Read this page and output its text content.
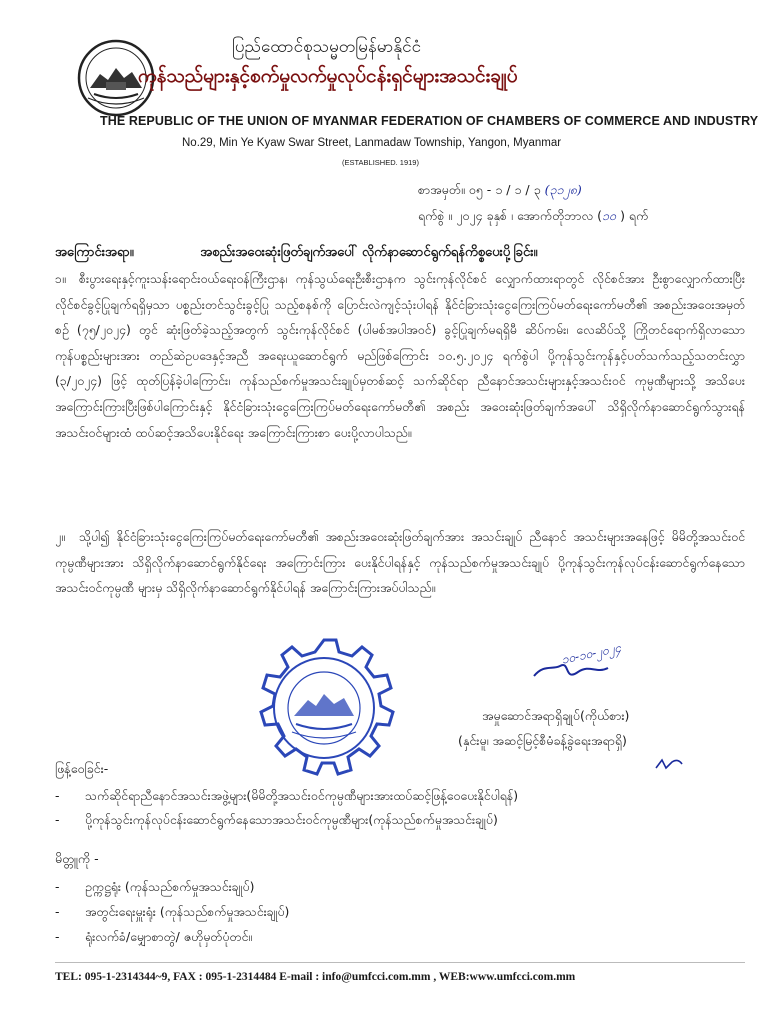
ပြည်ထောင်စုသမ္မတမြန်မာနိုင်ငံ
ကုန်သည်များနှင့်စက်မှုလက်မှုလုပ်ငန်းရှင်များအသင်းချုပ်
THE REPUBLIC OF THE UNION OF MYANMAR FEDERATION OF CHAMBERS OF COMMERCE AND INDUSTRY
No.29, Min Ye Kyaw Swar Street, Lanmadaw Township, Yangon, Myanmar
(ESTABLISHED. 1919)
စာအမှတ်။ ဝ၅ - ၁ / ၁ / ၃ (၃၁၂၈)
ရက်စွဲ ။ ၂၀၂၄ ခုနှစ် ၊ အောက်တိုဘာလ (၁၀ ) ရက်
အကြောင်းအရာ။	အစည်းအဝေးဆုံးဖြတ်ချက်အပေါ် လိုက်နာဆောင်ရွက်ရန်ကိစ္စပေးပို့ခြင်း။
၁။ စီးပွားရေးနှင့်ကူးသန်းရောင်းဝယ်ရေးဝန်ကြီးဌာန၊ ကုန်သွယ်ရေးဦးစီးဌာနက သွင်းကုန်လိုင်စင် လျှောက်ထားရာတွင် လိုင်စင်အား ဦးစွာလျှောက်ထားပြီး လိုင်စင်ခွင့်ပြုချက်ရရှိမှသာ ပစ္စည်းတင်သွင်းခွင့်ပြု သည့်စနစ်ကို ပြောင်းလဲကျင့်သုံးပါရန် နိုင်ငံခြားသုံးငွေကြေးကြပ်မတ်ရေးကော်မတီ၏ အစည်းအဝေးအမှတ်စဉ် (၇၅/၂၀၂၄) တွင် ဆုံးဖြတ်ခဲ့သည့်အတွက် သွင်းကုန်လိုင်စင် (ပါမစ်အပါအဝင်) ခွင့်ပြုချက်မရရှိမီ ဆိပ်ကမ်း၊ လေဆိပ်သို့ ကြိုတင်ရောက်ရှိလာသော ကုန်ပစ္စည်းများအား တည်ဆဲဥပဒေနှင့်အညီ အရေးယူဆောင်ရွက် မည်ဖြစ်ကြောင်း ၁၀.၅.၂၀၂၄ ရက်စွဲပါ ပို့ကုန်သွင်းကုန်နှင့်ပတ်သက်သည့်သတင်းလွှာ (၃/၂၀၂၄) ဖြင့် ထုတ်ပြန်ခဲ့ပါကြောင်း၊ ကုန်သည်စက်မှုအသင်းချုပ်မှတစ်ဆင့် သက်ဆိုင်ရာ ညီနောင်အသင်းများနှင့်အသင်းဝင် ကုမ္ပဏီများသို့ အသိပေးအကြောင်းကြားပြီးဖြစ်ပါကြောင်းနှင့် နိုင်ငံခြားသုံးငွေကြေးကြပ်မတ်ရေးကော်မတီ၏ အစည်း အဝေးဆုံးဖြတ်ချက်အပေါ် သိရှိလိုက်နာဆောင်ရွက်သွားရန် အသင်းဝင်များထံ ထပ်ဆင့်အသိပေးနိုင်ရေး အကြောင်းကြားစာ ပေးပို့လာပါသည်။
၂။ သို့ပါ၍ နိုင်ငံခြားသုံးငွေကြေးကြပ်မတ်ရေးကော်မတီ၏ အစည်းအဝေးဆုံးဖြတ်ချက်အား အသင်းချုပ် ညီနောင် အသင်းများအနေဖြင့် မိမိတို့အသင်းဝင်ကုမ္ပဏီများအား သိရှိလိုက်နာဆောင်ရွက်နိုင်ရေး အကြောင်းကြား ပေးနိုင်ပါရန်နှင့် ကုန်သည်စက်မှုအသင်းချုပ် ပို့ကုန်သွင်းကုန်လုပ်ငန်းဆောင်ရွက်နေသော အသင်းဝင်ကုမ္ပဏီ များမှ သိရှိလိုက်နာဆောင်ရွက်နိုင်ပါရန် အကြောင်းကြားအပ်ပါသည်။
၁၀-၁၀-၂၀၂၄
အမှုဆောင်အရာရှိချုပ်(ကိုယ်စား)
(နှင်းမူ၊ အဆင့်မြင့်စီမံခန့်ခွဲရေးအရာရှိ)
ဖြန့်ဝေခြင်း-
- သက်ဆိုင်ရာညီနောင်အသင်းအဖွဲ့များ(မိမိတို့အသင်းဝင်ကုမ္ပဏီများအားထပ်ဆင့်ဖြန့်ဝေပေးနိုင်ပါရန်)
- ပို့ကုန်သွင်းကုန်လုပ်ငန်းဆောင်ရွက်နေသောအသင်းဝင်ကုမ္ပဏီများ(ကုန်သည်စက်မှုအသင်းချုပ်)
မိတ္တူကို -
- ဥက္ကဋ္ဌရုံး (ကုန်သည်စက်မှုအသင်းချုပ်)
- အတွင်းရေးမှူးရုံး (ကုန်သည်စက်မှုအသင်းချုပ်)
- ရုံးလက်ခံ/မျှောစာတွဲ/ ဇဟိုမှတ်ပုံတင်။
TEL: 095-1-2314344~9, FAX : 095-1-2314484 E-mail : info@umfcci.com.mm , WEB:www.umfcci.com.mm
